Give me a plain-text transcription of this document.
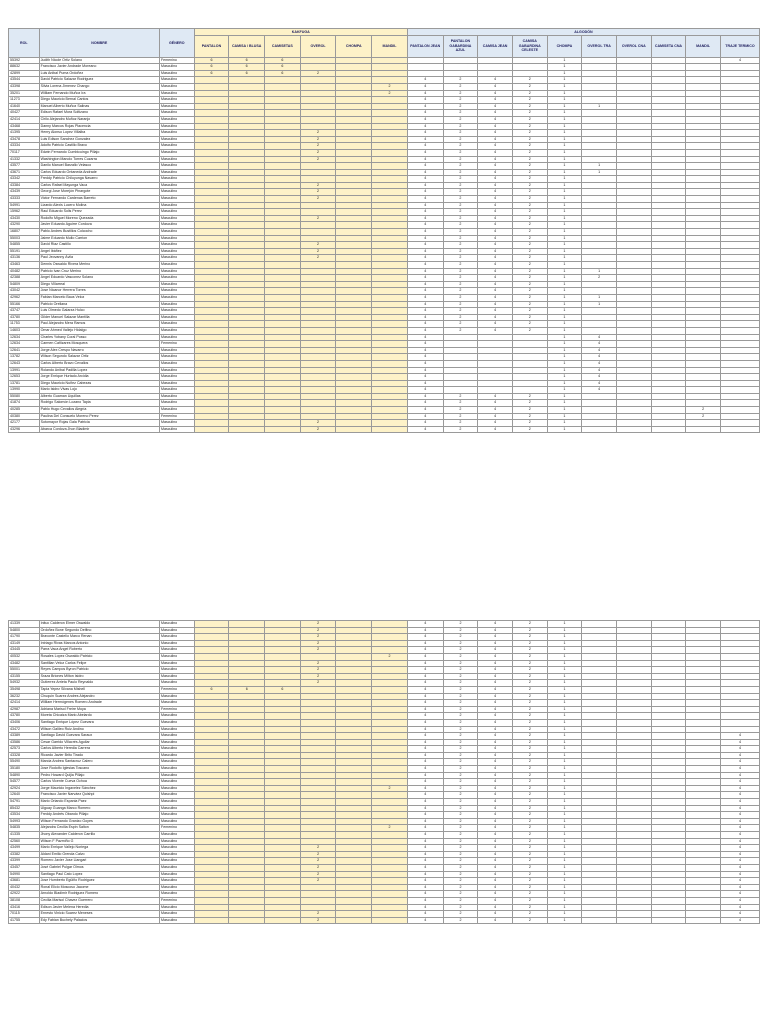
ROL	NOMBRE	GÉNERO	KAKFUGA						ALGODÓN									
			PANTALON	CAMISA / BLUSA	CAMISETAS	OVEROL	CHOMPA	MANDIL	PANTALON JEAN	PANTALON GABARDINA AZUL	CAMISA JEAN	CAMISA GABARDINA CELESTE	CHOMPA	OVEROL TRA	OVEROL CNA	CAMISETA CNA	MANDIL	TRAJE TERMICO
55392	Judith Nicole Ortiz Solano	Femenino	6	6	6								1					4
88632	Francisco Javier Andrade Moreano	Masculino	6	6	6								1					
42899	Luis Anibal Puma Ordoñez	Masculino	6	6	6	2							1					
43544	David Patricio Salazar Rodriguez	Masculino							4	2	4	2	1					
43398	Silvia Lorena Jimenez Chango	Masculino						2	4	2	4	2	1					
35201	William Fernando Muñoz Ira	Masculino						2	4	2	4	2	1					
11273	Diego Mauricio Bernal Cantos	Masculino							4	2	4	2	1					
41640	Manuel Alberto Muñoz Salinas	Masculino							4	2	4	2	1	1				
40427	Edison Rafael Mora Soltizano	Masculino							4	2	4	2	1					
42414	Cirilo Alejandro Muñoz Naranjo	Masculino							4	2	4	2	1					
43468	Danny Marcos Rojas Placencia	Masculino							4	2	4	2	1					
41395	Henry Alonso Lopez Villalba	Masculino				2			4	2	4	2	1					
43478	Luis Edison Sanchez Gonzalez	Masculino				2			4	2	4	2	1					
43334	Adolfo Patricio Castillo Bravo	Masculino				2			4	2	4	2	1					
70117	Edwin Fernando Cumbicuingo Pillajo	Masculino				2			4	2	4	2	1					
41332	Washington Manolo Torres Cuzarra	Masculino				2			4	2	4	2	1					
43577	Danilo Manuel Barzallo Velasco	Masculino							4	2	4	2	1	1				
43671	Carlos Eduardo Ontaneda Andrade	Masculino							4	2	4	2	1	1				
43342	Freddy Patricio Chiluyunga Navarro	Masculino							4	2	4	2	1					
43384	Carlos Rafael Mayunga Vaca	Masculino				2			4	2	4	2	1					
43439	Georgi Jose Morejón Pinargote	Masculino				2			4	2	4	2	1					
43333	Victor Fernando Cardenas Barreto	Masculino				2			4	2	4	2	1					
54991	Lizardo Alexis Lucero Molina	Masculino							4	2	4	2	1					
15962	Raul Eduardo Solis Perez	Masculino							4	2	4	2	1					
43430	Rodolfo Miguel Moreno Quezada	Masculino				2			4	2	4	2	1					
43290	Javier Eduardo Aguirre Cordova	Masculino							4	2	4	2	1					
16807	Pablo Andres Bustillos Colcocho	Masculino							4	2	4	2	1					
55003	Jaime Eduardo Mullo Carrion	Masculino							4	2	4	2	1					
54855	David Riaz Castillo	Masculino				2			4	2	4	2	1					
55191	Angel Ibáñez	Masculino				2			4	2	4	2	1					
43136	Paul Jeovanny Ávila	Masculino				2			4	2	4	2	1					
43463	Dennis Oswaldo Rivera Merino	Masculino							4	2	4	2	1					
40482	Patricio Ivan Cruz Merino	Masculino							4	2	4	2	1	1				
42388	Angel Eduardo Vasconez Solano	Masculino							4	2	4	2	1	2				
54809	Diego Villarreal	Masculino							4	2	4	2	1					
43042	Jose Nicanor Herrera Torres	Masculino							4	2	4	2	1					
42962	Fabian Marcelo Baus Veloz	Masculino							4	2	4	2	1	1				
55166	Patricio Orellana	Masculino							4	2	4	2	1	1				
43747	Luis Olmedo Galarza Hulco	Masculino							4	2	4	2	1					
43780	Gilder Manuel Salazar Mantilla	Masculino							4	2	4	2	1					
11753	Paul Alejandro Mera Ramos	Masculino							4	2	4	2	1					
14603	Omar Ahmed Vallejo Hidalgo	Masculino							4	2	4	2	1					
12634	Charles Yobany Coral Posso	Masculino							4				1	4				
12634	Carmen Cañizares Mosquera	Femenino							4				1	4				
12641	Jorge Alex Crespo Navarro	Masculino							4				1	4				
13782	Wilson Segundo Salazar Ortiz	Masculino							4				1	4				
12643	Carlos Alberto Bravo Cevallos	Masculino							4				1	4				
13991	Rolando Anibal Padilla Lopez	Masculino							4				1	4				
12653	Jorge Enrique Hurtado Arcidia	Masculino							4				1	4				
13781	Diego Mauricio Nuñez Cabezas	Masculino							4				1	4				
13990	Mario Isidro Vivas Lojo	Masculino							4				1	4				
55080	Alberto Guaman Uquillas	Masculino							4	2	4	2	1					
41874	Rodrigo Salomón Lozano Tapia	Masculino							4	2	4	2	1					
40285	Pablo Hugo Cevallos Alegría	Masculino							4	2	4	2	1				2	
40380	Paulina Del Consuelo Moreno Perez	Femenino							4	2	4	2	1				2	
42177	Sotomayor Rojas Gala Patricia	Masculino				2			4	2	4	2	1					
43296	Abarca Cordova Jhon Bladimir	Masculino				2			4	2	4	2	1					
41339	Inituc Calderon Elmer Oswaldo	Masculino				2			4	2	4	2	1					
54800	Ordoñez Bone Segundo Delfino	Masculino				2			4	2	4	2	1					
41790	Bravonte Castelio Marco Renan	Masculino				2			4	2	4	2	1					
43149	Intriago Rivas Marcos Antonio	Masculino				2			4	2	4	2	1					
43445	Parra Vaca Angel Roberto	Masculino				2			4	2	4	2	1					
40532	Rosales Lopez Oswaldo Patricio	Masculino						2	4	2	4	2	1					
43482	Santillan Veloz Carlos Felipe	Masculino				2			4	2	4	2	1					
55001	Reyes Campos Byron Patricio	Masculino				2			4	2	4	2	1					
43155	Sraza Briones Milton Isidro	Masculino				2			4	2	4	2	1					
54932	Gutierrez Arrieta Paulo Reynaldo	Masculino				2			4	2	4	2	1					
35498	Tapia Yepez Silvana Mishell	Femenino	6	6	6				4	2	4	2	1					
36232	Chuquin Suarez Andres Alejandro	Masculino							4	2	4	2	1					
42414	William Hermógenes Romero Andrade	Masculino							4	2	4	2	1					
42987	Adriana Marisol Freire Moya	Femenino							4	2	4	2	1					
43780	Moreta Chicaiza Mario Abelardo	Masculino							4	2	4	2	1					
43406	Santiago Enrique López Guevara	Masculino							4	2	4	2	1					
43472	Wilson Galileo Ruiz Andino	Masculino							4	2	4	2	1					
43389	Santiago David Guevara Saraux	Masculino							4	2	4	2	1					4
43586	Cesar Garrido Villacrés Aguilar	Masculino							4	2	4	2	1					4
42573	Carlos Alberto Heredia Carrera	Masculino							4	2	4	2	1					4
43328	Ricardo Javier Brito Tirado	Masculino							4	2	4	2	1					4
55490	Marcia Andrea Santacruz Calero	Masculino							4	2	4	2	1					4
35180	Jose Rodolfo Iglesias Toscano	Masculino							4	2	4	2	1					4
54890	Pedro Howard Quijia Pillajo	Masculino							4	2	4	2	1					4
54577	Carlos Vicente Cueva Ochoa	Masculino							4	2	4	2	1					4
42924	Jorge Mauricio Ingavelez Sánchez	Masculino						2	4	2	4	2	1					4
12640	Francisco Javier Narváez Quishpi	Masculino							4	2	4	2	1					4
54791	Mario Orlando Espania Paez	Masculino							4	2	4	2	1					4
85432	Ulguay Guanga Marco Romero	Masculino							4	2	4	2	1					4
43534	Freddy Andrés Obando Pillajo	Masculino							4	2	4	2	1					4
54993	Wilson Fernando Granizo Goyes	Masculino							4	2	4	2	1					4
54835	Alejandra Cecilia Espin Salton	Femenino						2	4	2	4	2	1					4
41335	Jhony Alexander Calderon Carrillo	Masculino							4	2	4	2	1					4
42560	Wilson F Pazmiño G	Masculino							4	2	4	2	1					4
43499	Mario Enrique Vallejo Noriega	Masculino				2			4	2	4	2	1					4
43382	Aldani Emilio Grenda Calvo	Masculino				2			4	2	4	2	1					4
43399	Romero Javier Jose Llangari	Masculino				2			4	2	4	2	1					4
43457	José Gabriel Pulgar Olmos	Masculino				2			4	2	4	2	1					4
54990	Santiago Paul Cato Lopez	Masculino				2			4	2	4	2	1					4
43681	Jose Humberto Egüiño Rodriguez	Masculino				2			4	2	4	2	1					4
40432	Ronal Elicio Moscoso Jacome	Masculino							4	2	4	2	1					4
42922	Arnoldo Bladimir Rodriguez Romero	Masculino							4	2	4	2	1					4
38108	Cecilia Marisol Chavez Guerrero	Femenino							4	2	4	2	1					4
43416	Edison Javier Melena Heredia	Masculino							4	2	4	2	1					4
70115	Ernesto Vinicio Suarez Meneses	Masculino				2			4	2	4	2	1					4
41755	Edy Fabian Buchely Palacios	Masculino				2			4	2	4	2	1					4
